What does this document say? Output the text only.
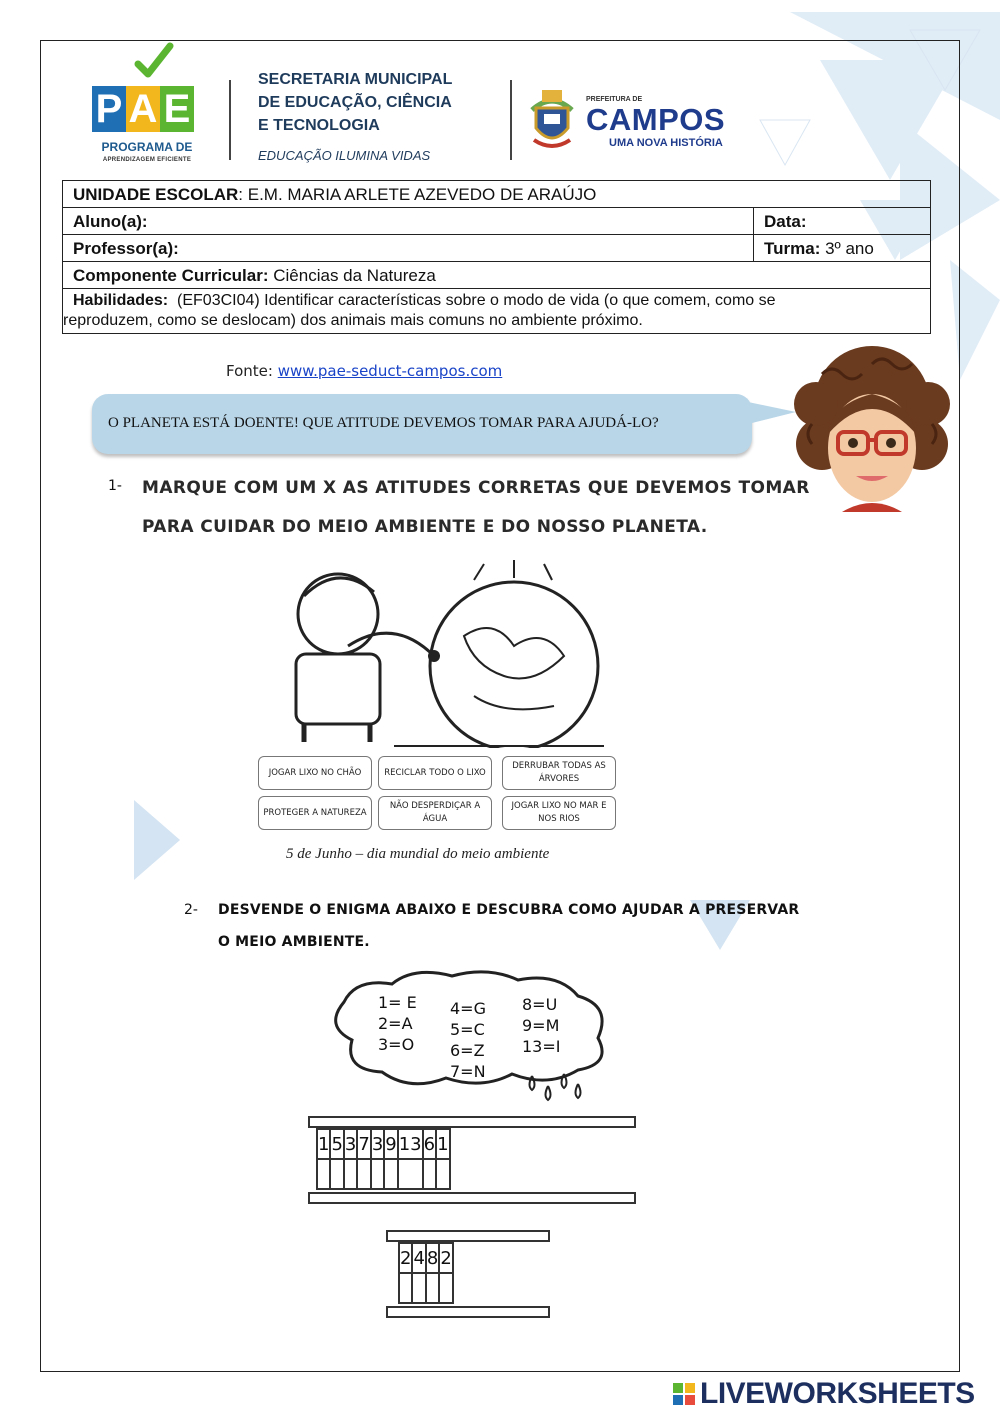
P A E
PROGRAMA DE
APRENDIZAGEM EFICIENTE
SECRETARIA MUNICIPAL
DE EDUCAÇÃO, CIÊNCIA
E TECNOLOGIA
EDUCAÇÃO ILUMINA VIDAS
PREFEITURA DE
CAMPOS
UMA NOVA HISTÓRIA
UNIDADE ESCOLAR: E.M. MARIA ARLETE AZEVEDO DE ARAÚJO	
Aluno(a):	Data:
Professor(a):	Turma: 3º ano
Componente Curricular: Ciências da Natureza	

Habilidades:  (EF03CI04) Identificar características sobre o modo de vida (o que comem, como se
reproduzem, como se deslocam) dos animais mais comuns no ambiente próximo.	
Fonte: www.pae-seduct-campos.com
O PLANETA ESTÁ DOENTE! QUE ATITUDE DEVEMOS TOMAR PARA AJUDÁ-LO?
1- MARQUE COM UM X AS ATITUDES CORRETAS QUE DEVEMOS TOMAR
PARA CUIDAR DO MEIO AMBIENTE E DO NOSSO PLANETA.
JOGAR LIXO NO CHÃO	RECICLAR TODO O LIXO
DERRUBAR TODAS AS ÁRVORES
PROTEGER A NATUREZA
NÃO DESPERDIÇAR A ÁGUA
JOGAR LIXO NO MAR E NOS RIOS
5 de Junho – dia mundial do meio ambiente
2- DESVENDE O ENIGMA ABAIXO E DESCUBRA COMO AJUDAR A PRESERVAR
O MEIO AMBIENTE.
1= E
2=A
3=O
4=G
5=C
6=Z
7=N
8=U
9=M
13=I
1	5	3	7	3	9	13	6	1

2	4	8	2

LIVEWORKSHEETS
